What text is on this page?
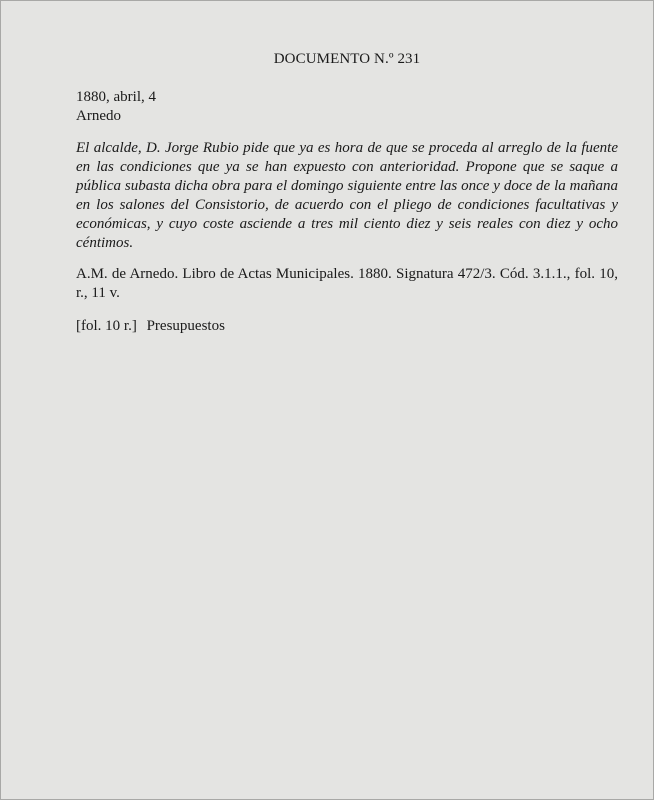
DOCUMENTO N.º 231
1880, abril, 4
Arnedo
El alcalde, D. Jorge Rubio pide que ya es hora de que se proceda al arreglo de la fuente en las condiciones que ya se han expuesto con anterioridad. Propone que se saque a pública subasta dicha obra para el domingo siguiente entre las once y doce de la mañana en los salones del Consistorio, de acuerdo con el pliego de condiciones facultativas y económicas, y cuyo coste asciende a tres mil ciento diez y seis reales con diez y ocho céntimos.
A.M. de Arnedo. Libro de Actas Municipales. 1880. Signatura 472/3. Cód. 3.1.1., fol. 10, r., 11 v.
[fol. 10 r.] Presupuestos
